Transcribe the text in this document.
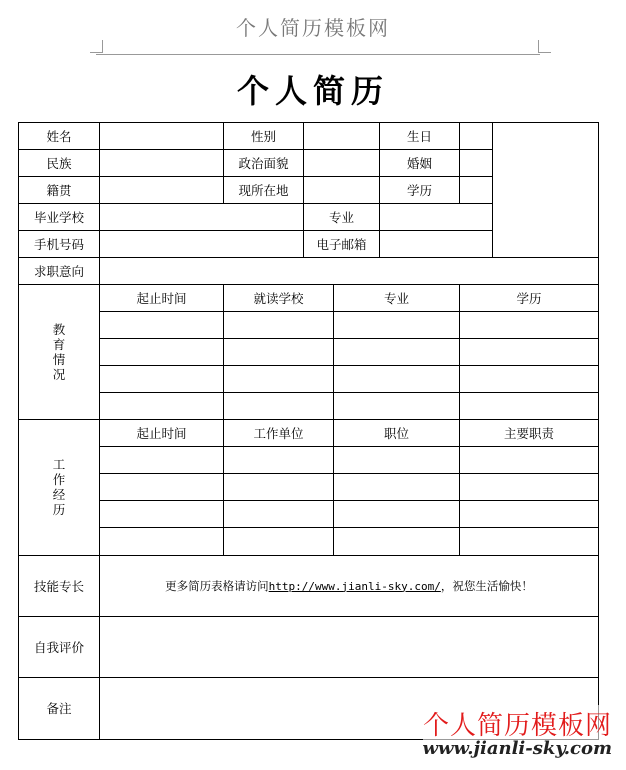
个人简历模板网
个人简历
姓名		性别			生日		
民族		政治面貌			婚姻		
籍贯		现所在地			学历		
毕业学校			专业				
手机号码			电子邮箱				
求职意向							
教育情况	起止时间	就读学校		专业		学历	

工作经历	起止时间	工作单位		职位		主要职责	

技能专长	更多简历表格请访问http://www.jianli-sky.com/，祝您生活愉快！						
自我评价							
备注							
个人简历模板网
www.jianli-sky.com
